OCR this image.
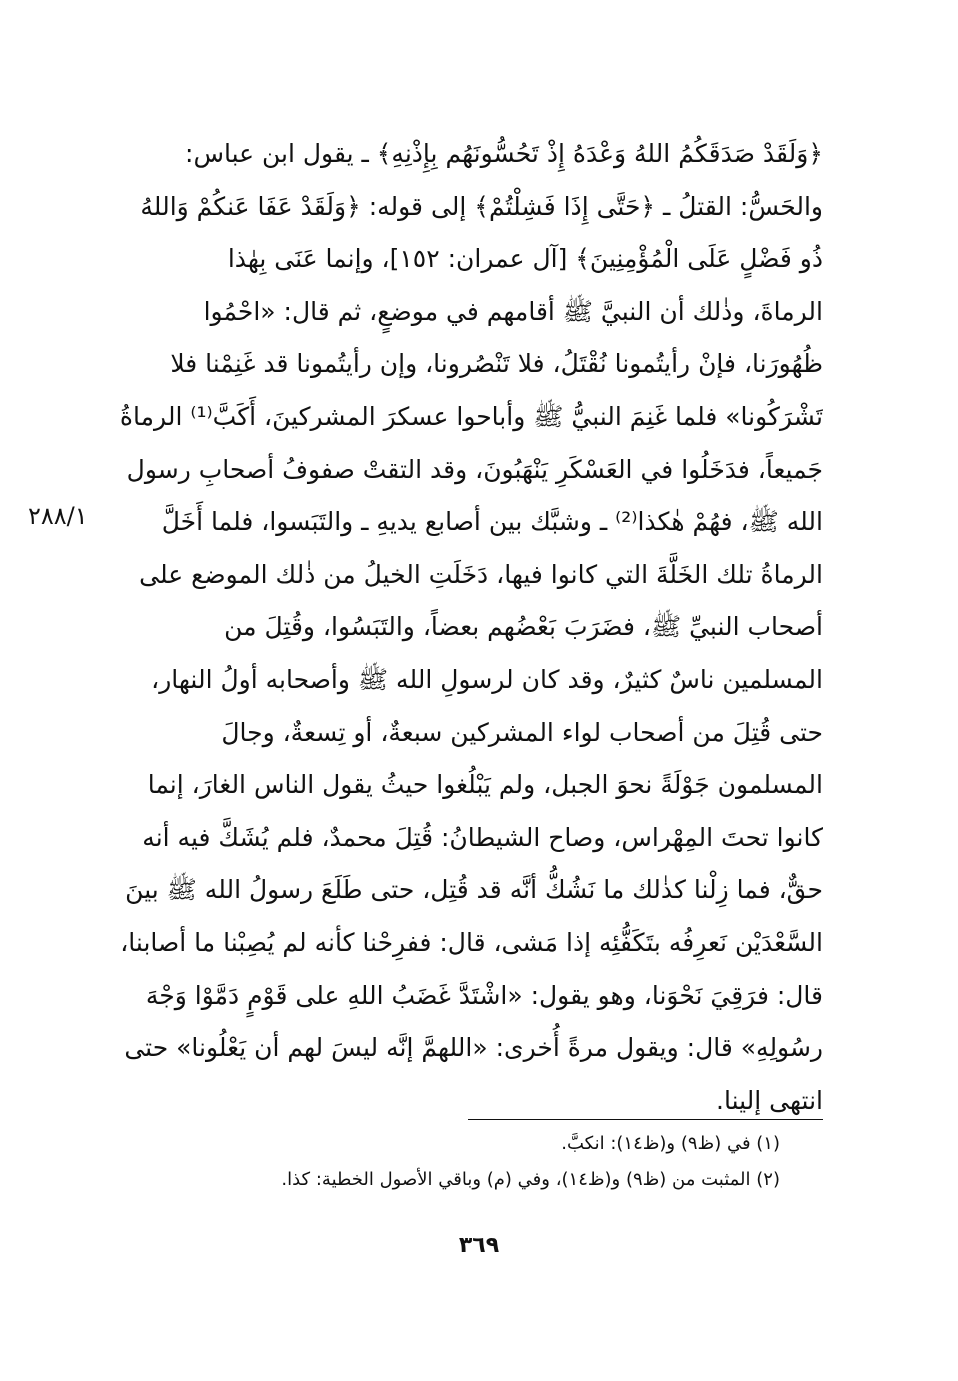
٢٨٨/١
﴿وَلَقَدْ صَدَقَكُمُ اللهُ وَعْدَهُ إِذْ تَحُسُّونَهُم بِإِذْنِهِ﴾ ـ يقول ابن عباس:
والحَسُّ: القتلُ ـ ﴿حَتَّى إِذَا فَشِلْتُمْ﴾ إلى قوله: ﴿وَلَقَدْ عَفَا عَنكُمْ وَاللهُ
ذُو فَضْلٍ عَلَى الْمُؤْمِنِينَ﴾ [آل عمران: ١٥٢]، وإنما عَنَى بِهٰذا
الرماةَ، وذٰلك أن النبيَّ ﷺ أقامهم في موضعٍ، ثم قال: «احْمُوا
ظُهُورَنا، فإنْ رأيتُمونا نُقْتَلُ، فلا تَنْصُرونا، وإن رأيتُمونا قد غَنِمْنا فلا
تَشْرَكُونا» فلما غَنِمَ النبيُّ ﷺ وأباحوا عسكرَ المشركينَ، أَكَبَّ⁽¹⁾ الرماةُ
جَميعاً، فدَخَلُوا في العَسْكَرِ يَنْهَبُونَ، وقد التقتْ صفوفُ أصحابِ رسول
الله ﷺ، فهُمْ هٰكذا⁽²⁾ ـ وشبَّك بين أصابع يديهِ ـ والتَبَسوا، فلما أَخَلَّ
الرماةُ تلك الخَلَّةَ التي كانوا فيها، دَخَلَتِ الخيلُ من ذٰلك الموضع على
أصحاب النبيِّ ﷺ، فضَرَبَ بَعْضُهم بعضاً، والتَبَسُوا، وقُتِلَ من
المسلمين ناسٌ كثيرٌ، وقد كان لرسولِ الله ﷺ وأصحابه أولُ النهار،
حتى قُتِلَ من أصحاب لواء المشركين سبعةٌ، أو تِسعةٌ، وجالَ
المسلمون جَوْلَةً نحوَ الجبل، ولم يَبْلُغوا حيثُ يقول الناس الغارَ، إنما
كانوا تحتَ المِهْراس، وصاح الشيطانُ: قُتِلَ محمدٌ، فلم يُشَكَّ فيه أنه
حقٌّ، فما زِلْنا كذٰلك ما نَشُكُّ أنَّه قد قُتِل، حتى طَلَعَ رسولُ الله ﷺ بينَ
السَّعْدَيْن نَعرِفُه بتَكَفُّئِه إذا مَشى، قال: ففرِحْنا كأنه لم يُصِبْنا ما أصابنا،
قال: فرَقِيَ نَحْوَنا، وهو يقول: «اشْتَدَّ غَضَبُ اللهِ على قَوْمٍ دَمَّوْا وَجْهَ
رسُولِهِ» قال: ويقول مرةً أُخرى: «اللهمَّ إنَّه ليسَ لهم أن يَعْلُونا» حتى
انتهى إلينا.
(١) في (ظ٩) و(ظ١٤): انكبَّ.
(٢) المثبت من (ظ٩) و(ظ١٤)، وفي (م) وباقي الأصول الخطية: كذا.
٣٦٩
